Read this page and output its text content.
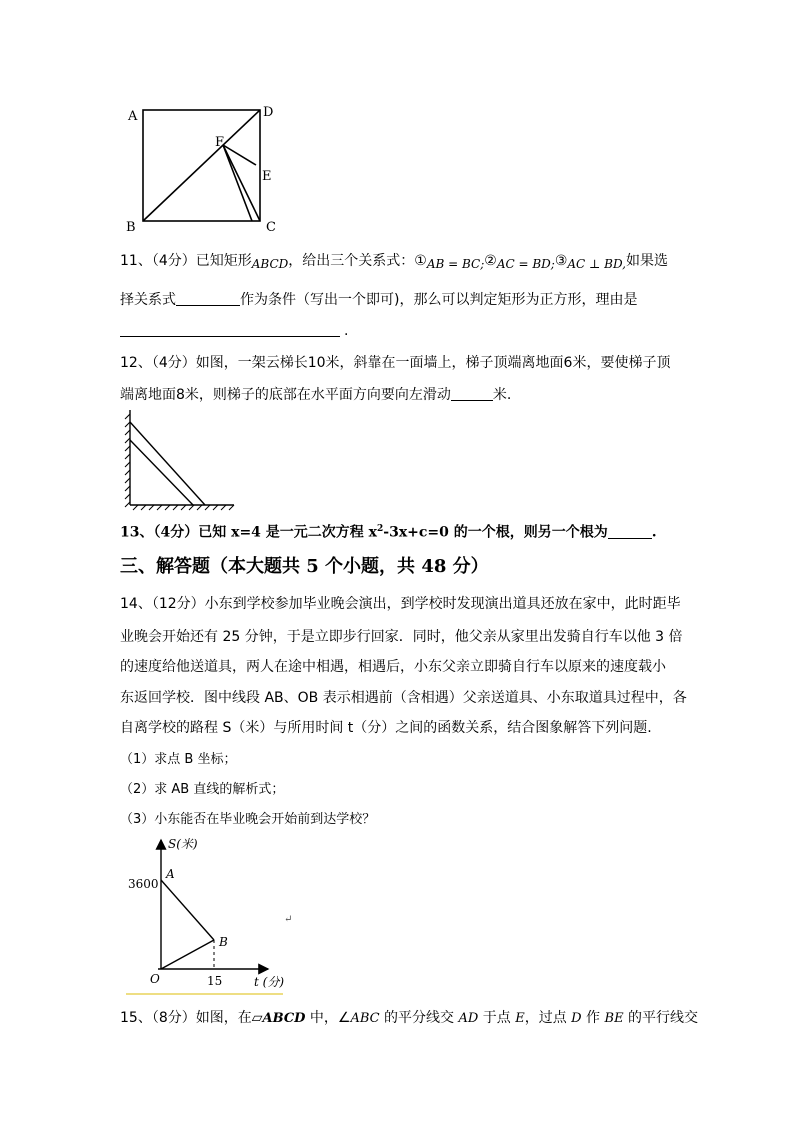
A	D
F
E
B	C
11、（4分）已知矩形ABCD，给出三个关系式：①AB = BC;②AC = BD;③AC ⊥ BD,如果选
择关系式	作为条件（写出一个即可)，那么可以判定矩形为正方形，理由是
.
12、（4分）如图，一架云梯长10米，斜靠在一面墙上，梯子顶端离地面6米，要使梯子顶
端离地面8米，则梯子的底部在水平面方向要向左滑动	米.
13、（4分）已知 x=4 是一元二次方程 $x^2-3x+c=0$ 的一个根，则另一个根为	.
三、解答题（本大题共 5 个小题，共 48 分）
14、（12分）小东到学校参加毕业晚会演出，到学校时发现演出道具还放在家中，此时距毕
业晚会开始还有 25 分钟，于是立即步行回家．同时，他父亲从家里出发骑自行车以他 3 倍
的速度给他送道具，两人在途中相遇，相遇后，小东父亲立即骑自行车以原来的速度载小
东返回学校．图中线段 AB、OB 表示相遇前（含相遇）父亲送道具、小东取道具过程中，各
自离学校的路程 S（米）与所用时间 t（分）之间的函数关系，结合图象解答下列问题.
（1）求点 B 坐标；
（2）求 AB 直线的解析式；
（3）小东能否在毕业晚会开始前到达学校？
S(米)
3600
A
B
O	15	t (分)
↵
15、（8分）如图，在▱ABCD 中，∠ABC 的平分线交 AD 于点 E，过点 D 作 BE 的平行线交
